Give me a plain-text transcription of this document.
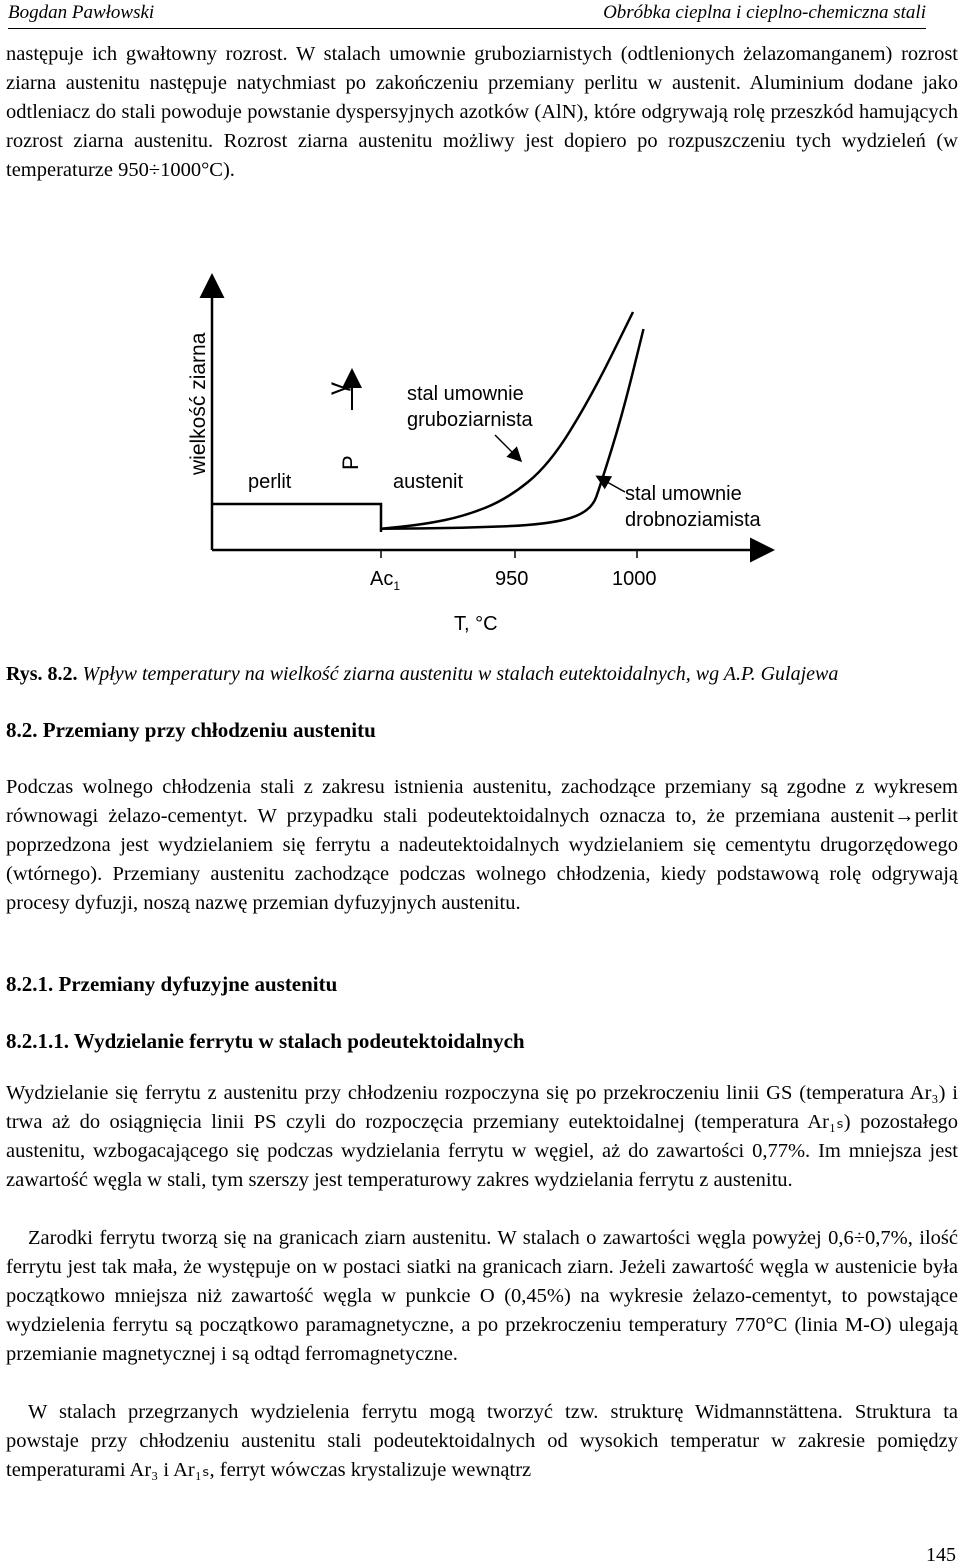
Bogdan Pawłowski	Obróbka cieplna i cieplno-chemiczna stali

następuje ich gwałtowny rozrost. W stalach umownie gruboziarnistych (odtlenionych żelazomanganem) rozrost ziarna austenitu następuje natychmiast po zakończeniu przemiany perlitu w austenit. Aluminium dodane jako odtleniacz do stali powoduje powstanie dyspersyjnych azotków (AlN), które odgrywają rolę przeszkód hamujących rozrost ziarna austenitu. Rozrost ziarna austenitu możliwy jest dopiero po rozpuszczeniu tych wydzieleń (w temperaturze 950÷1000°C).

P
wielkość ziarna
perlit	austenit
stal umownie
gruboziarnista
stal umownie
drobnoziamista
γ
$Ac_1$	950	1000
T, °C
Rys. 8.2. Wpływ temperatury na wielkość ziarna austenitu w stalach eutektoidalnych, wg A.P. Gulajewa

8.2. Przemiany przy chłodzeniu austenitu

Podczas wolnego chłodzenia stali z zakresu istnienia austenitu, zachodzące przemiany są zgodne z wykresem równowagi żelazo-cementyt. W przypadku stali podeutektoidalnych oznacza to, że przemiana austenit→perlit poprzedzona jest wydzielaniem się ferrytu a nadeutektoidalnych wydzielaniem się cementytu drugorzędowego (wtórnego). Przemiany austenitu zachodzące podczas wolnego chłodzenia, kiedy podstawową rolę odgrywają procesy dyfuzji, noszą nazwę przemian dyfuzyjnych austenitu.

8.2.1. Przemiany dyfuzyjne austenitu

8.2.1.1. Wydzielanie ferrytu w stalach podeutektoidalnych

Wydzielanie się ferrytu z austenitu przy chłodzeniu rozpoczyna się po przekroczeniu linii GS (temperatura Ar₃) i trwa aż do osiągnięcia linii PS czyli do rozpoczęcia przemiany eutektoidalnej (temperatura Ar₁ₛ) pozostałego austenitu, wzbogacającego się podczas wydzielania ferrytu w węgiel, aż do zawartości 0,77%. Im mniejsza jest zawartość węgla w stali, tym szerszy jest temperaturowy zakres wydzielania ferrytu z austenitu.

Zarodki ferrytu tworzą się na granicach ziarn austenitu. W stalach o zawartości węgla powyżej 0,6÷0,7%, ilość ferrytu jest tak mała, że występuje on w postaci siatki na granicach ziarn. Jeżeli zawartość węgla w austenicie była początkowo mniejsza niż zawartość węgla w punkcie O (0,45%) na wykresie żelazo-cementyt, to powstające wydzielenia ferrytu są początkowo paramagnetyczne, a po przekroczeniu temperatury 770°C (linia M-O) ulegają przemianie magnetycznej i są odtąd ferromagnetyczne.

W stalach przegrzanych wydzielenia ferrytu mogą tworzyć tzw. strukturę Widmannstättena. Struktura ta powstaje przy chłodzeniu austenitu stali podeutektoidalnych od wysokich temperatur w zakresie pomiędzy temperaturami Ar₃ i Ar₁ₛ, ferryt wówczas krystalizuje wewnątrz

145
